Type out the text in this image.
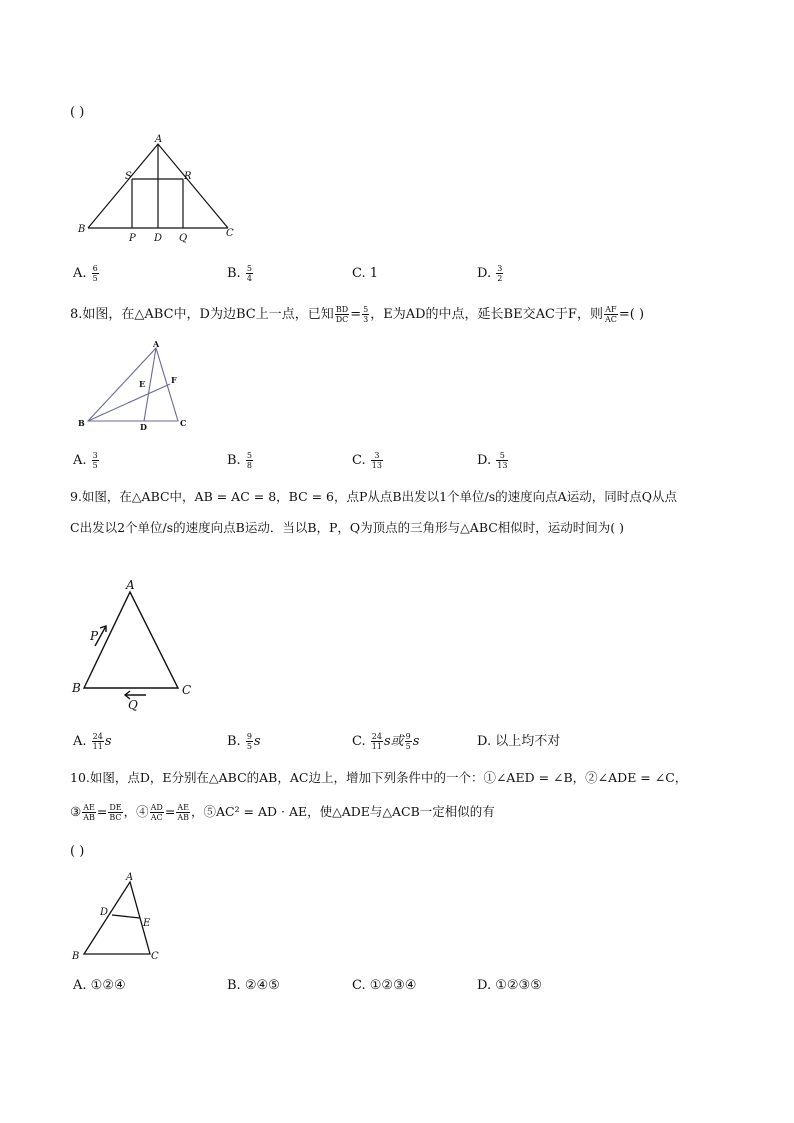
( )
A
S	R
B
P D Q	C
A. $\frac{6}{5}$	B. $\frac{5}{4}$	C. 1	D. $\frac{3}{2}$
8.如图，在△ABC中，D为边BC上一点，已知 $\frac{BD}{DC} = \frac{5}{3}$ ，E为AD的中点，延长BE交AC于F，则 $\frac{AF}{AC}$ =( )
A
E	F
B	D	C
A. $\frac{3}{5}$	B. $\frac{5}{8}$	C. $\frac{3}{13}$	D. $\frac{5}{13}$
9.如图，在△ABC中，AB = AC = 8，BC = 6，点P从点B出发以1个单位/s的速度向点A运动，同时点Q从点
C出发以2个单位/s的速度向点B运动．当以B，P，Q为顶点的三角形与△ABC相似时，运动时间为( )
A
P
B	C
Q
A. $\frac{24}{11}$ s	B. $\frac{9}{5}$ s	C. $\frac{24}{11}$ s或 $\frac{9}{5}$ s	D. 以上均不对
10.如图，点D，E分别在△ABC的AB，AC边上，增加下列条件中的一个：①∠AED = ∠B，②∠ADE = ∠C，
③ $\frac{AE}{AB} = \frac{DE}{BC}$ ，④ $\frac{AD}{AC} = \frac{AE}{AB}$ ，⑤AC² = AD · AE，使△ADE与△ACB一定相似的有
( )
A
D
E
B	C
A. ①②④	B. ②④⑤	C. ①②③④	D. ①②③⑤
